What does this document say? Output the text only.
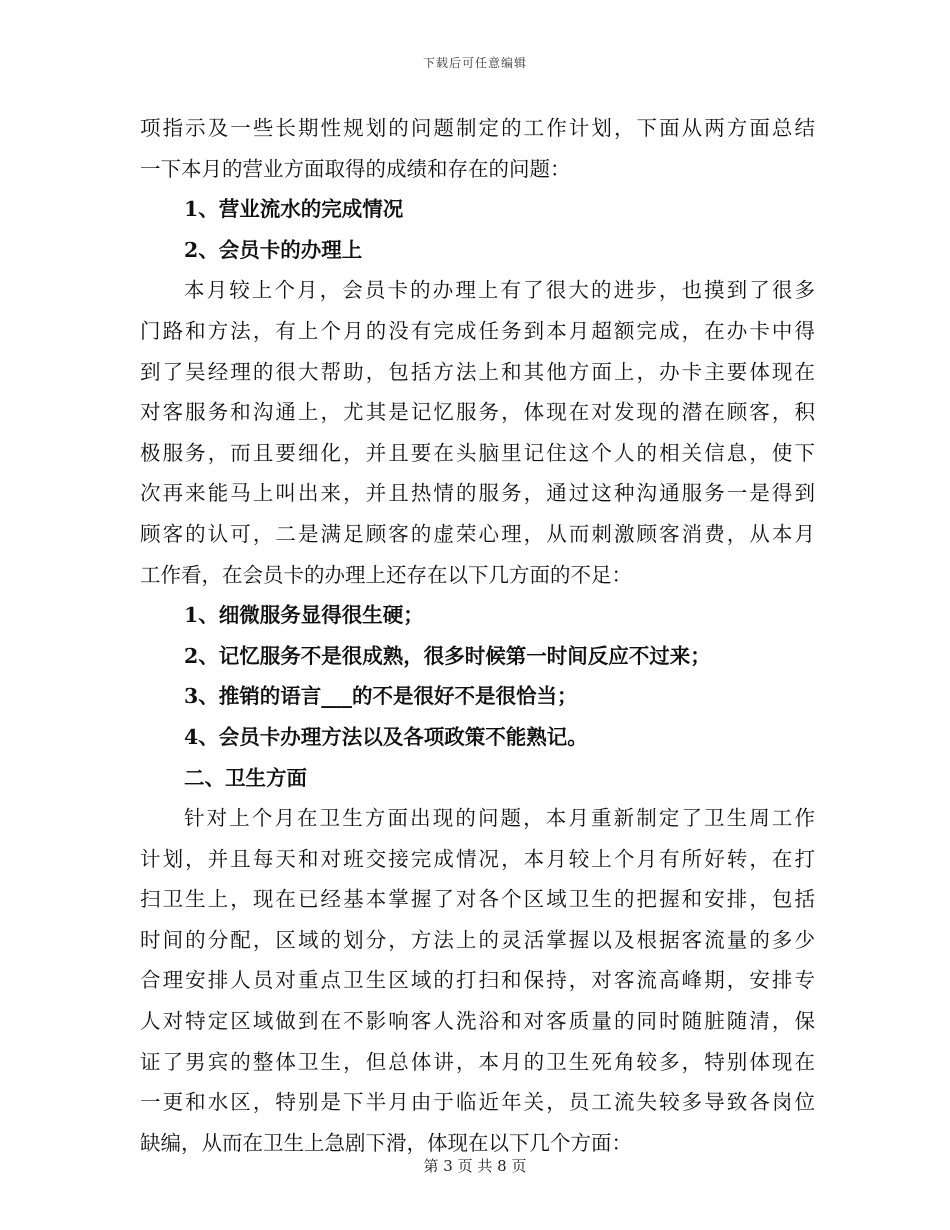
下载后可任意编辑
项指示及一些长期性规划的问题制定的工作计划，下面从两方面总结
一下本月的营业方面取得的成绩和存在的问题：
1、营业流水的完成情况
2、会员卡的办理上
本月较上个月，会员卡的办理上有了很大的进步，也摸到了很多
门路和方法，有上个月的没有完成任务到本月超额完成，在办卡中得
到了吴经理的很大帮助，包括方法上和其他方面上，办卡主要体现在
对客服务和沟通上，尤其是记忆服务，体现在对发现的潜在顾客，积
极服务，而且要细化，并且要在头脑里记住这个人的相关信息，使下
次再来能马上叫出来，并且热情的服务，通过这种沟通服务一是得到
顾客的认可，二是满足顾客的虚荣心理，从而刺激顾客消费，从本月
工作看，在会员卡的办理上还存在以下几方面的不足：
1、细微服务显得很生硬；
2、记忆服务不是很成熟，很多时候第一时间反应不过来；
3、推销的语言___的不是很好不是很恰当；
4、会员卡办理方法以及各项政策不能熟记。
二、卫生方面
针对上个月在卫生方面出现的问题，本月重新制定了卫生周工作
计划，并且每天和对班交接完成情况，本月较上个月有所好转，在打
扫卫生上，现在已经基本掌握了对各个区域卫生的把握和安排，包括
时间的分配，区域的划分，方法上的灵活掌握以及根据客流量的多少
合理安排人员对重点卫生区域的打扫和保持，对客流高峰期，安排专
人对特定区域做到在不影响客人洗浴和对客质量的同时随脏随清，保
证了男宾的整体卫生，但总体讲，本月的卫生死角较多，特别体现在
一更和水区，特别是下半月由于临近年关，员工流失较多导致各岗位
缺编，从而在卫生上急剧下滑，体现在以下几个方面：
第 3 页 共 8 页
